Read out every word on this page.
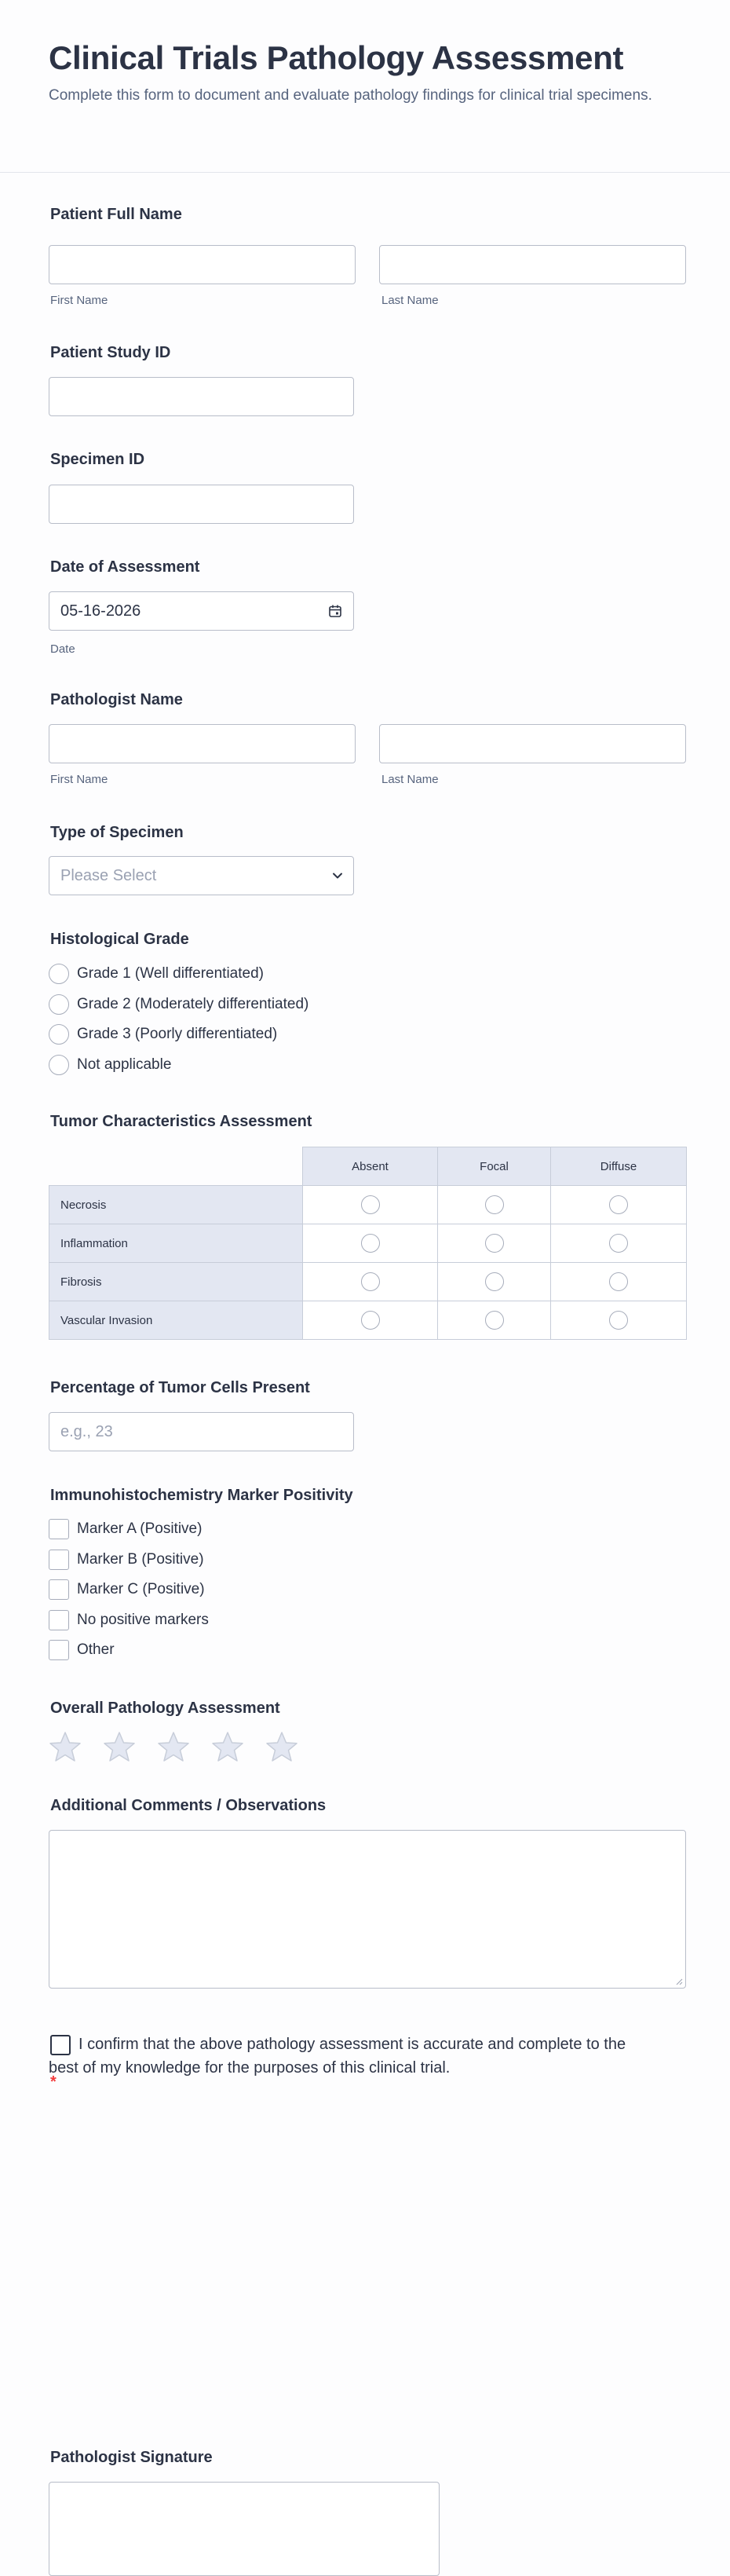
Clinical Trials Pathology Assessment

Complete this form to document and evaluate pathology findings for clinical trial specimens.

Patient Full Name
First Name	Last Name
Patient Study ID
Specimen ID
Date of Assessment
05-16-2026
Date
Pathologist Name
First Name	Last Name
Type of Specimen
Please Select
Histological Grade
Grade 1 (Well differentiated)
Grade 2 (Moderately differentiated)
Grade 3 (Poorly differentiated)
Not applicable
Tumor Characteristics Assessment
	Absent	Focal	Diffuse
Necrosis			
Inflammation			
Fibrosis			
Vascular Invasion			
Percentage of Tumor Cells Present
e.g., 23
Immunohistochemistry Marker Positivity
Marker A (Positive)
Marker B (Positive)
Marker C (Positive)
No positive markers
Other
Overall Pathology Assessment
Additional Comments / Observations
I confirm that the above pathology assessment is accurate and complete to the best of my knowledge for the purposes of this clinical trial.
*
Pathologist Signature
